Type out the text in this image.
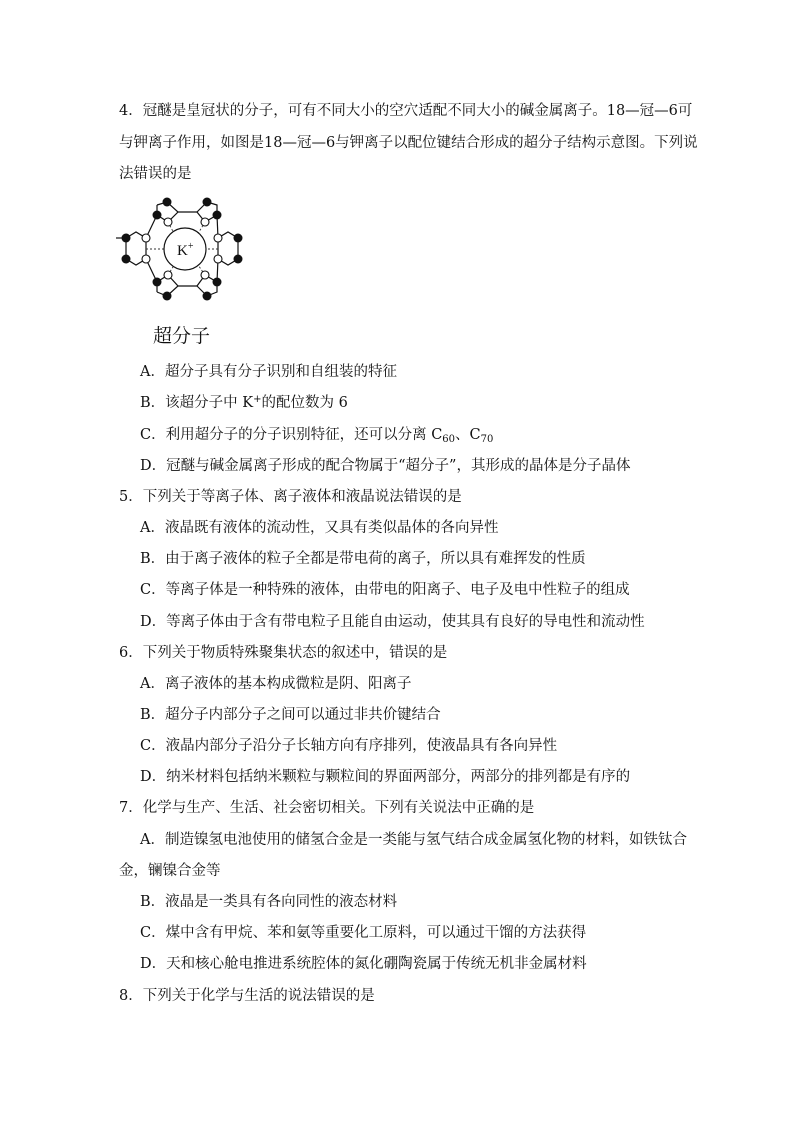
4．冠醚是皇冠状的分子，可有不同大小的空穴适配不同大小的碱金属离子。18—冠—6可
与钾离子作用，如图是18—冠—6与钾离子以配位键结合形成的超分子结构示意图。下列说
法错误的是
K+
超分子
A．超分子具有分子识别和自组装的特征
B．该超分子中 K+的配位数为 6
C．利用超分子的分子识别特征，还可以分离 $C_{60}$、$C_{70}$
D．冠醚与碱金属离子形成的配合物属于“超分子”，其形成的晶体是分子晶体
5．下列关于等离子体、离子液体和液晶说法错误的是
A．液晶既有液体的流动性，又具有类似晶体的各向异性
B．由于离子液体的粒子全都是带电荷的离子，所以具有难挥发的性质
C．等离子体是一种特殊的液体，由带电的阳离子、电子及电中性粒子的组成
D．等离子体由于含有带电粒子且能自由运动，使其具有良好的导电性和流动性
6．下列关于物质特殊聚集状态的叙述中，错误的是
A．离子液体的基本构成微粒是阴、阳离子
B．超分子内部分子之间可以通过非共价键结合
C．液晶内部分子沿分子长轴方向有序排列，使液晶具有各向异性
D．纳米材料包括纳米颗粒与颗粒间的界面两部分，两部分的排列都是有序的
7．化学与生产、生活、社会密切相关。下列有关说法中正确的是
A．制造镍氢电池使用的储氢合金是一类能与氢气结合成金属氢化物的材料，如铁钛合
金，镧镍合金等
B．液晶是一类具有各向同性的液态材料
C．煤中含有甲烷、苯和氨等重要化工原料，可以通过干馏的方法获得
D．天和核心舱电推进系统腔体的氮化硼陶瓷属于传统无机非金属材料
8．下列关于化学与生活的说法错误的是
